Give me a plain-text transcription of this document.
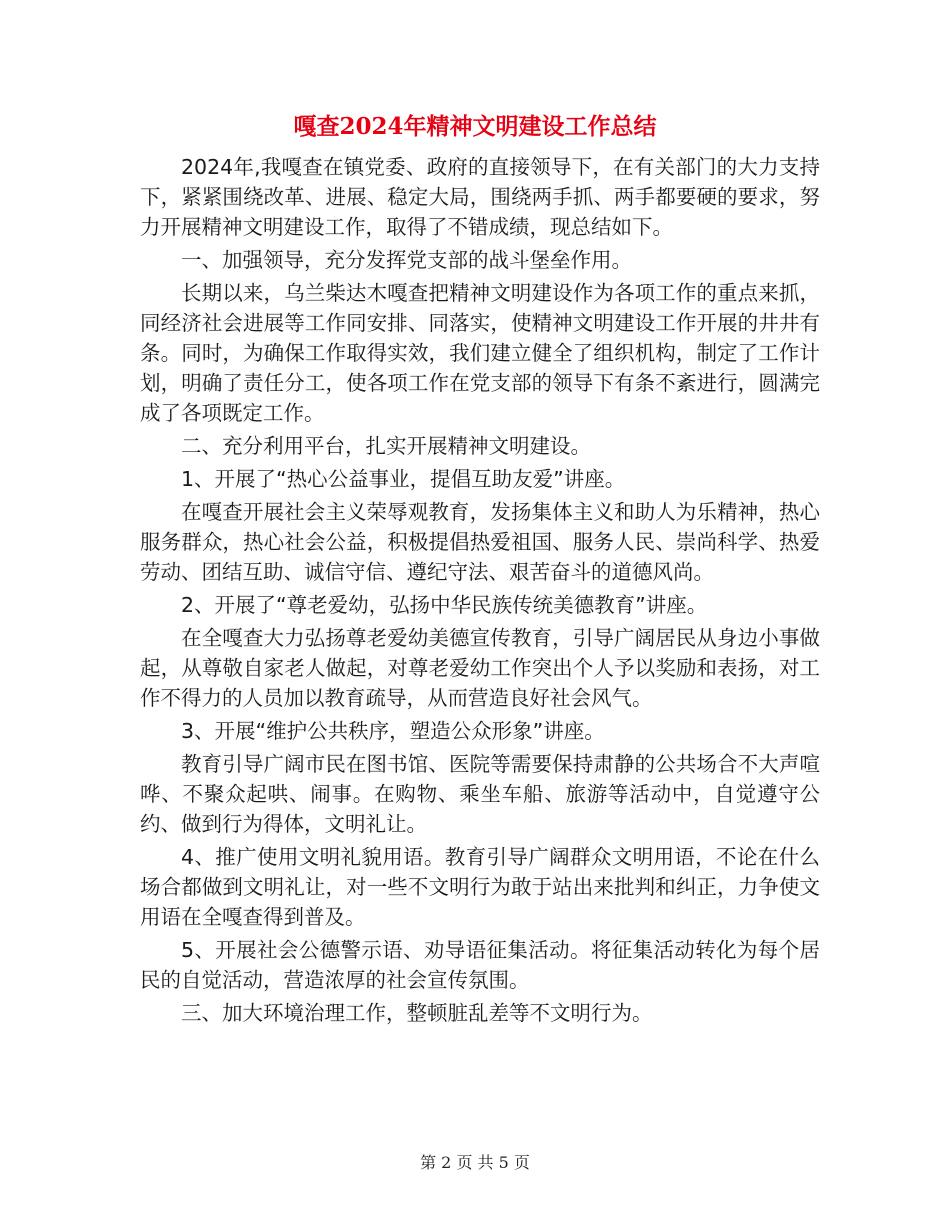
嘎查2024年精神文明建设工作总结

2024年,我嘎查在镇党委、政府的直接领导下，在有关部门的大力支持下，紧紧围绕改革、进展、稳定大局，围绕两手抓、两手都要硬的要求，努力开展精神文明建设工作，取得了不错成绩，现总结如下。

一、加强领导，充分发挥党支部的战斗堡垒作用。

长期以来，乌兰柴达木嘎查把精神文明建设作为各项工作的重点来抓，同经济社会进展等工作同安排、同落实，使精神文明建设工作开展的井井有条。同时，为确保工作取得实效，我们建立健全了组织机构，制定了工作计划，明确了责任分工，使各项工作在党支部的领导下有条不紊进行，圆满完成了各项既定工作。

二、充分利用平台，扎实开展精神文明建设。

1、开展了“热心公益事业，提倡互助友爱”讲座。

在嘎查开展社会主义荣辱观教育，发扬集体主义和助人为乐精神，热心服务群众，热心社会公益，积极提倡热爱祖国、服务人民、崇尚科学、热爱劳动、团结互助、诚信守信、遵纪守法、艰苦奋斗的道德风尚。

2、开展了“尊老爱幼，弘扬中华民族传统美德教育”讲座。

在全嘎查大力弘扬尊老爱幼美德宣传教育，引导广阔居民从身边小事做起，从尊敬自家老人做起，对尊老爱幼工作突出个人予以奖励和表扬，对工作不得力的人员加以教育疏导，从而营造良好社会风气。

3、开展“维护公共秩序，塑造公众形象”讲座。

教育引导广阔市民在图书馆、医院等需要保持肃静的公共场合不大声喧哗、不聚众起哄、闹事。在购物、乘坐车船、旅游等活动中，自觉遵守公约、做到行为得体，文明礼让。

4、推广使用文明礼貌用语。教育引导广阔群众文明用语，不论在什么场合都做到文明礼让，对一些不文明行为敢于站出来批判和纠正，力争使文用语在全嘎查得到普及。

5、开展社会公德警示语、劝导语征集活动。将征集活动转化为每个居民的自觉活动，营造浓厚的社会宣传氛围。

三、加大环境治理工作，整顿脏乱差等不文明行为。

第 2 页 共 5 页
